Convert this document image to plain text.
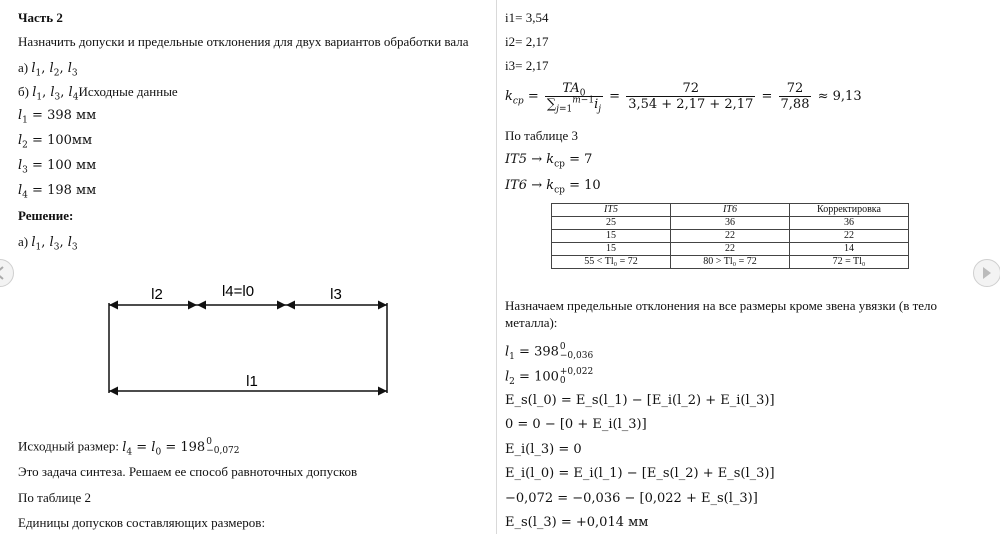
Часть 2
Назначить допуски и предельные отклонения для двух вариантов обработки вала
а) $l_1$, $l_2$, $l_3$
б) $l_1$, $l_3$, $l_4Исходные$ данные
$l_1 = 398$ мм
$l_2 = 100мм$
$l_3 = 100$ мм
$l_4 = 198$ мм
Решение:
а) $l_1$, $l_3$, $l_3$
l2	l4=l0	l3
l1
Исходный размер: $l_4 = l_0 = 198$ 0
−0,072
Это задача синтеза. Решаем ее способ равноточных допусков
По таблице 2
Единицы допусков составляющих размеров:
i1= 3,54
i2= 2,17
i3= 2,17
$k_{cp} = \frac{TA_0}{\sum_{j=1}^{m-1}i_j} = \frac{72}{3,54 + 2,17 + 2,17} = \frac{72}{7,88} \approx 9,13$
По таблице 3
$IT5 \to k_{cp} = 7$
$IT6 \to k_{cp} = 10$
IT5	IT6	Корректировка
25	36	36
15	22	22
15	22	14
55 < Tl₀ = 72	80 > Tl₀ = 72	72 = Tl₀
Назначаем предельные отклонения на все размеры кроме звена увязки (в тело металла):
$l_1 = 398$ 0
−0,036
$l_2 = 100 +0,022$
0
E_s(l_0) = E_s(l_1) − [E_i(l_2) + E_i(l_3)]
0 = 0 − [0 + E_i(l_3)]
E_i(l_3) = 0
E_i(l_0) = E_i(l_1) − [E_s(l_2) + E_s(l_3)]
−0,072 = −0,036 − [0,022 + E_s(l_3)]
E_s(l_3) = +0,014 мм
